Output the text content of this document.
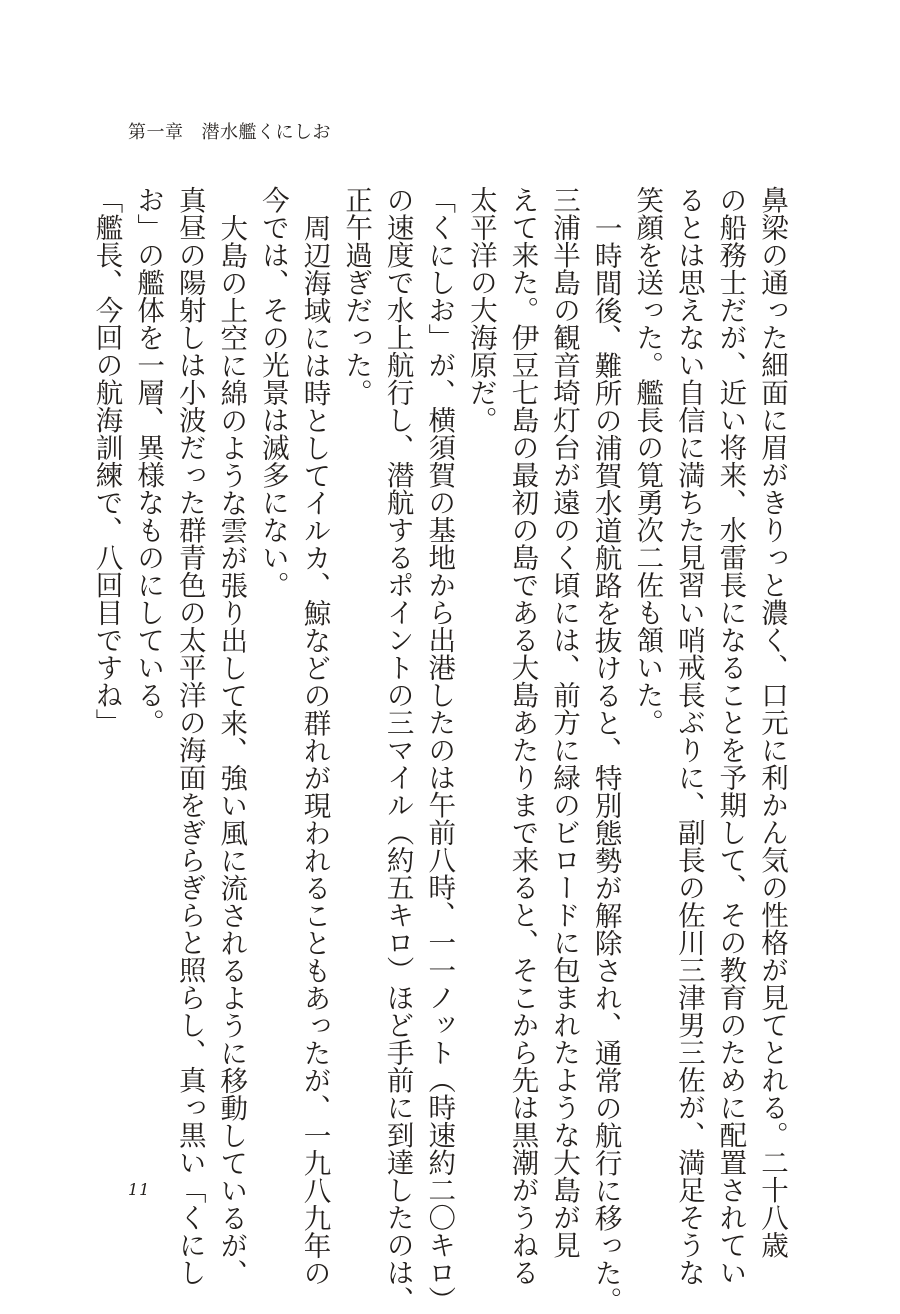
第一章 潜水艦くにしお

鼻梁の通った細面に眉がきりっと濃く、口元に利かん気の性格が見てとれる。二十八歳

の船務士だが、近い将来、水雷長になることを予期して、その教育のために配置されてい

るとは思えない自信に満ちた見習い哨戒長ぶりに、副長の佐川三津男三佐が、満足そうな

笑顔を送った。艦長の筧勇次二佐も頷いた。

一時間後、難所の浦賀水道航路を抜けると、特別態勢が解除され、通常の航行に移った。

三浦半島の観音埼灯台が遠のく頃には、前方に緑のビロードに包まれたような大島が見

えて来た。伊豆七島の最初の島である大島あたりまで来ると、そこから先は黒潮がうねる

太平洋の大海原だ。

「くにしお」が、横須賀の基地から出港したのは午前八時、一一ノット（時速約二〇キロ）

の速度で水上航行し、潜航するポイントの三マイル（約五キロ）ほど手前に到達したのは、

正午過ぎだった。

周辺海域には時としてイルカ、鯨などの群れが現われることもあったが、一九八九年の

今では、その光景は滅多にない。

大島の上空に綿のような雲が張り出して来、強い風に流されるように移動しているが、

真昼の陽射しは小波だった群青色の太平洋の海面をぎらぎらと照らし、真っ黒い「くにし

お」の艦体を一層、異様なものにしている。

「艦長、今回の航海訓練で、八回目ですね」

11
